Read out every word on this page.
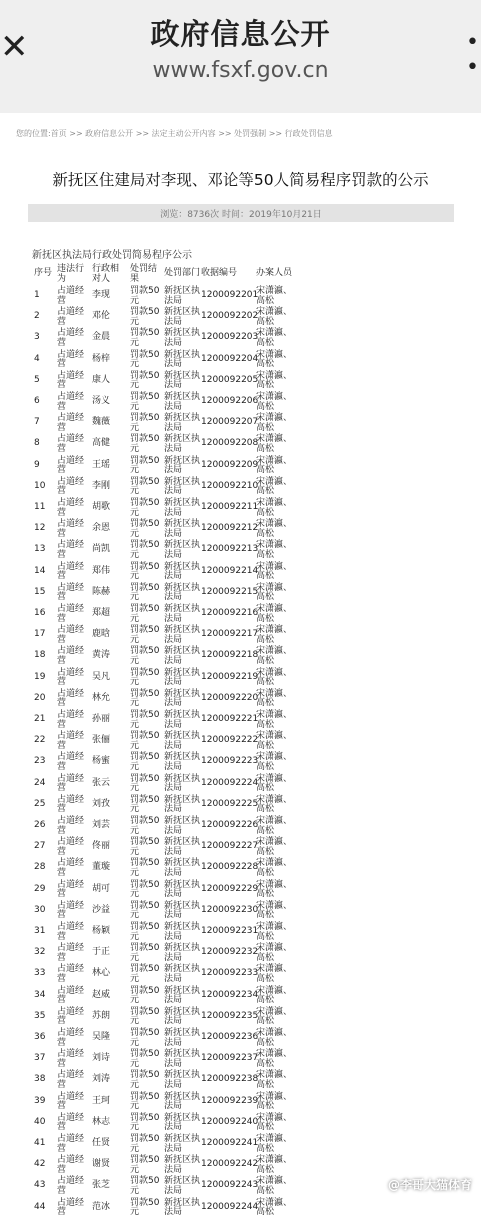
✕	政府信息公开
www.fsxf.gov.cn
• •
您的位置:首页 >> 政府信息公开 >> 法定主动公开内容 >> 处罚强制 >> 行政处罚信息
新抚区住建局对李现、邓论等50人简易程序罚款的公示
浏览：8736次 时间：2019年10月21日
新抚区执法局行政处罚简易程序公示
序号 违法行为
行政相对人
处罚结果
处罚部门 收据编号 办案人员
1 占道经营
李现 罚款50元
新抚区执法局
1200092201
宋潇瀛、高松
2 占道经营
邓伦 罚款50元
新抚区执法局
1200092202
宋潇瀛、高松
3 占道经营
金晨 罚款50元
新抚区执法局
1200092203
宋潇瀛、高松
4 占道经营
杨梓 罚款50元
新抚区执法局
1200092204
宋潇瀛、高松
5 占道经营
康人 罚款50元
新抚区执法局
1200092205
宋潇瀛、高松
6 占道经营
汤义 罚款50元
新抚区执法局
1200092206
宋潇瀛、高松
7 占道经营
魏薇 罚款50元
新抚区执法局
1200092207
宋潇瀛、高松
8 占道经营
高健 罚款50元
新抚区执法局
1200092208
宋潇瀛、高松
9 占道经营
王瑶 罚款50元
新抚区执法局
1200092209
宋潇瀛、高松
10 占道经营
李刚 罚款50元
新抚区执法局
1200092210
宋潇瀛、高松
11 占道经营
胡歌 罚款50元
新抚区执法局
1200092211
宋潇瀛、高松
12 占道经营
余恩 罚款50元
新抚区执法局
1200092212
宋潇瀛、高松
13 占道经营
尚凯 罚款50元
新抚区执法局
1200092213
宋潇瀛、高松
14 占道经营
郑伟 罚款50元
新抚区执法局
1200092214
宋潇瀛、高松
15 占道经营
陈赫 罚款50元
新抚区执法局
1200092215
宋潇瀛、高松
16 占道经营
郑超 罚款50元
新抚区执法局
1200092216
宋潇瀛、高松
17 占道经营
鹿晗 罚款50元
新抚区执法局
1200092217
宋潇瀛、高松
18 占道经营
黄涛 罚款50元
新抚区执法局
1200092218
宋潇瀛、高松
19 占道经营
吴凡 罚款50元
新抚区执法局
1200092219
宋潇瀛、高松
20 占道经营
林允 罚款50元
新抚区执法局
1200092220
宋潇瀛、高松
21 占道经营
孙丽 罚款50元
新抚区执法局
1200092221
宋潇瀛、高松
22 占道经营
张俪 罚款50元
新抚区执法局
1200092222
宋潇瀛、高松
23 占道经营
杨蜜 罚款50元
新抚区执法局
1200092223
宋潇瀛、高松
24 占道经营
张云 罚款50元
新抚区执法局
1200092224
宋潇瀛、高松
25 占道经营
刘孜 罚款50元
新抚区执法局
1200092225
宋潇瀛、高松
26 占道经营
刘芸 罚款50元
新抚区执法局
1200092226
宋潇瀛、高松
27 占道经营
佟丽 罚款50元
新抚区执法局
1200092227
宋潇瀛、高松
28 占道经营
董璇 罚款50元
新抚区执法局
1200092228
宋潇瀛、高松
29 占道经营
胡可 罚款50元
新抚区执法局
1200092229
宋潇瀛、高松
30 占道经营
沙益 罚款50元
新抚区执法局
1200092230
宋潇瀛、高松
31 占道经营
杨颖 罚款50元
新抚区执法局
1200092231
宋潇瀛、高松
32 占道经营
于正 罚款50元
新抚区执法局
1200092232
宋潇瀛、高松
33 占道经营
林心 罚款50元
新抚区执法局
1200092233
宋潇瀛、高松
34 占道经营
赵威 罚款50元
新抚区执法局
1200092234
宋潇瀛、高松
35 占道经营
苏朗 罚款50元
新抚区执法局
1200092235
宋潇瀛、高松
36 占道经营
吴隆 罚款50元
新抚区执法局
1200092236
宋潇瀛、高松
37 占道经营
刘诗 罚款50元
新抚区执法局
1200092237
宋潇瀛、高松
38 占道经营
刘涛 罚款50元
新抚区执法局
1200092238
宋潇瀛、高松
39 占道经营
王珂 罚款50元
新抚区执法局
1200092239
宋潇瀛、高松
40 占道经营
林志 罚款50元
新抚区执法局
1200092240
宋潇瀛、高松
41 占道经营
任贤 罚款50元
新抚区执法局
1200092241
宋潇瀛、高松
42 占道经营
谢贤 罚款50元
新抚区执法局
1200092242
宋潇瀛、高松
43 占道经营
张芝 罚款50元
新抚区执法局
1200092243
宋潇瀛、高松
44 占道经营
范冰 罚款50元
新抚区执法局
1200092244
宋潇瀛、高松
@李哥大猫体育
